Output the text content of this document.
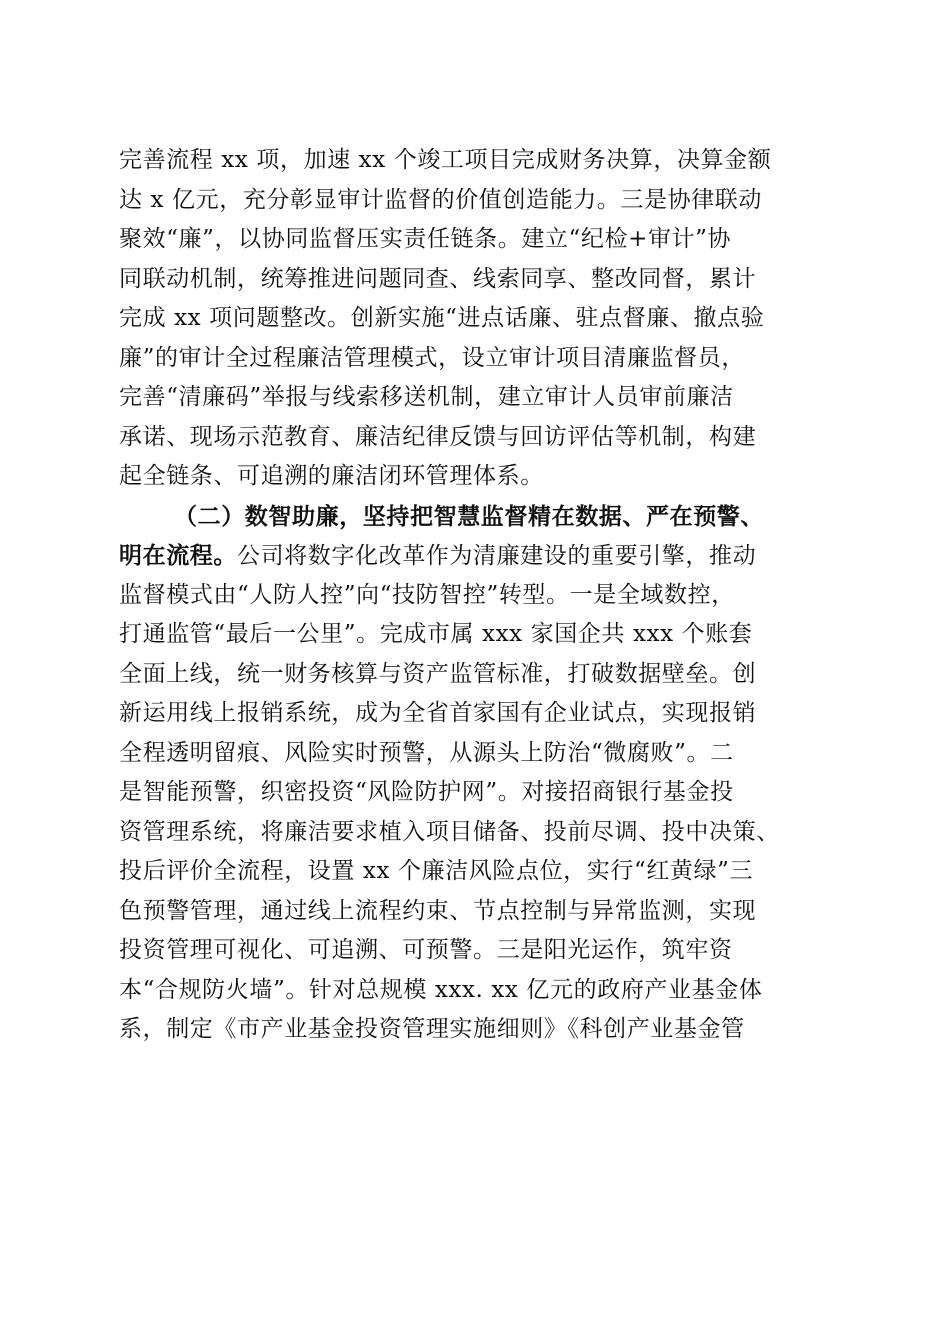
完善流程 xx 项，加速 xx 个竣工项目完成财务决算，决算金额
达 x 亿元，充分彰显审计监督的价值创造能力。三是协律联动
聚效“廉”，以协同监督压实责任链条。建立“纪检+审计”协
同联动机制，统筹推进问题同查、线索同享、整改同督，累计
完成 xx 项问题整改。创新实施“进点话廉、驻点督廉、撤点验
廉”的审计全过程廉洁管理模式，设立审计项目清廉监督员，
完善“清廉码”举报与线索移送机制，建立审计人员审前廉洁
承诺、现场示范教育、廉洁纪律反馈与回访评估等机制，构建
起全链条、可追溯的廉洁闭环管理体系。
（二）数智助廉，坚持把智慧监督精在数据、严在预警、
明在流程。公司将数字化改革作为清廉建设的重要引擎，推动
监督模式由“人防人控”向“技防智控”转型。一是全域数控，
打通监管“最后一公里”。完成市属 xxx 家国企共 xxx 个账套
全面上线，统一财务核算与资产监管标准，打破数据壁垒。创
新运用线上报销系统，成为全省首家国有企业试点，实现报销
全程透明留痕、风险实时预警，从源头上防治“微腐败”。二
是智能预警，织密投资“风险防护网”。对接招商银行基金投
资管理系统，将廉洁要求植入项目储备、投前尽调、投中决策、
投后评价全流程，设置 xx 个廉洁风险点位，实行“红黄绿”三
色预警管理，通过线上流程约束、节点控制与异常监测，实现
投资管理可视化、可追溯、可预警。三是阳光运作，筑牢资
本“合规防火墙”。针对总规模 xxx. xx 亿元的政府产业基金体
系，制定《市产业基金投资管理实施细则》《科创产业基金管
